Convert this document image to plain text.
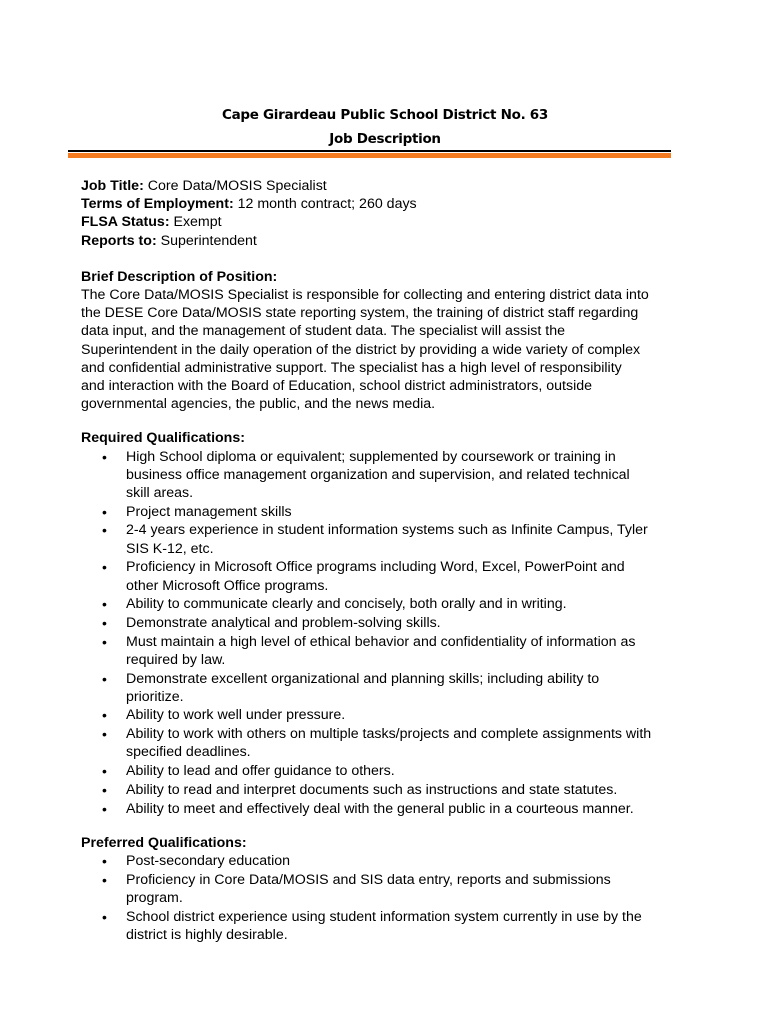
Cape Girardeau Public School District No. 63
Job Description
Job Title: Core Data/MOSIS Specialist
Terms of Employment: 12 month contract; 260 days
FLSA Status: Exempt
Reports to: Superintendent
Brief Description of Position:

The Core Data/MOSIS Specialist is responsible for collecting and entering district data into
the DESE Core Data/MOSIS state reporting system, the training of district staff regarding
data input, and the management of student data. The specialist will assist the
Superintendent in the daily operation of the district by providing a wide variety of complex
and confidential administrative support. The specialist has a high level of responsibility
and interaction with the Board of Education, school district administrators, outside
governmental agencies, the public, and the news media.

Required Qualifications:
• High School diploma or equivalent; supplemented by coursework or training in
business office management organization and supervision, and related technical
skill areas.
• Project management skills
• 2-4 years experience in student information systems such as Infinite Campus, Tyler
SIS K-12, etc.
• Proficiency in Microsoft Office programs including Word, Excel, PowerPoint and
other Microsoft Office programs.
• Ability to communicate clearly and concisely, both orally and in writing.
• Demonstrate analytical and problem-solving skills.
• Must maintain a high level of ethical behavior and confidentiality of information as
required by law.
• Demonstrate excellent organizational and planning skills; including ability to
prioritize.
• Ability to work well under pressure.
• Ability to work with others on multiple tasks/projects and complete assignments with
specified deadlines.
• Ability to lead and offer guidance to others.
• Ability to read and interpret documents such as instructions and state statutes.
• Ability to meet and effectively deal with the general public in a courteous manner.
Preferred Qualifications:
• Post-secondary education
• Proficiency in Core Data/MOSIS and SIS data entry, reports and submissions
program.
• School district experience using student information system currently in use by the
district is highly desirable.
